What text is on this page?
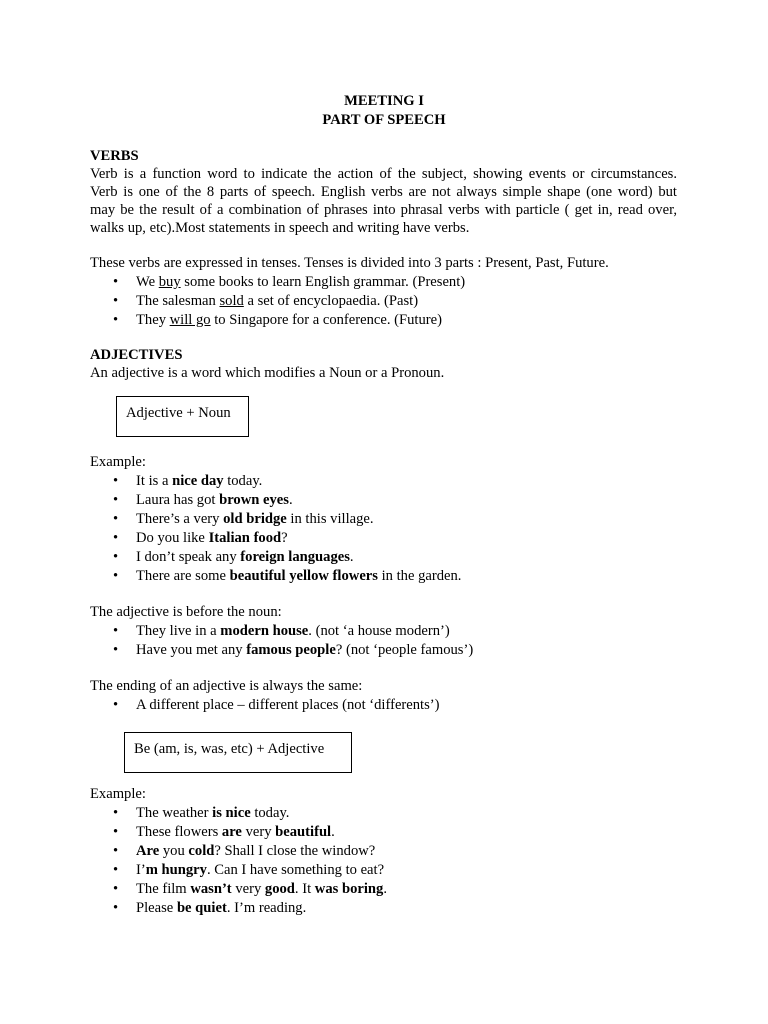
MEETING I
PART OF SPEECH
VERBS
Verb is a function word to indicate the action of the subject, showing events or circumstances.
Verb is one of the 8 parts of speech. English verbs are not always simple shape (one word) but
may be the result of a combination of phrases into phrasal verbs with particle ( get in, read over,
walks up, etc).Most statements in speech and writing have verbs.
These verbs are expressed in tenses. Tenses is divided into 3 parts : Present, Past, Future.
• We buy some books to learn English grammar. (Present)
• The salesman sold a set of encyclopaedia. (Past)
• They will go to Singapore for a conference. (Future)
ADJECTIVES
An adjective is a word which modifies a Noun or a Pronoun.
Adjective + Noun
Example:
• It is a nice day today.
• Laura has got brown eyes.
• There’s a very old bridge in this village.
• Do you like Italian food?
• I don’t speak any foreign languages.
• There are some beautiful yellow flowers in the garden.
The adjective is before the noun:
• They live in a modern house. (not ‘a house modern’)
• Have you met any famous people? (not ‘people famous’)
The ending of an adjective is always the same:
• A different place – different places (not ‘differents’)
Be (am, is, was, etc) + Adjective
Example:
• The weather is nice today.
• These flowers are very beautiful.
• Are you cold? Shall I close the window?
• I’m hungry. Can I have something to eat?
• The film wasn’t very good. It was boring.
• Please be quiet. I’m reading.
